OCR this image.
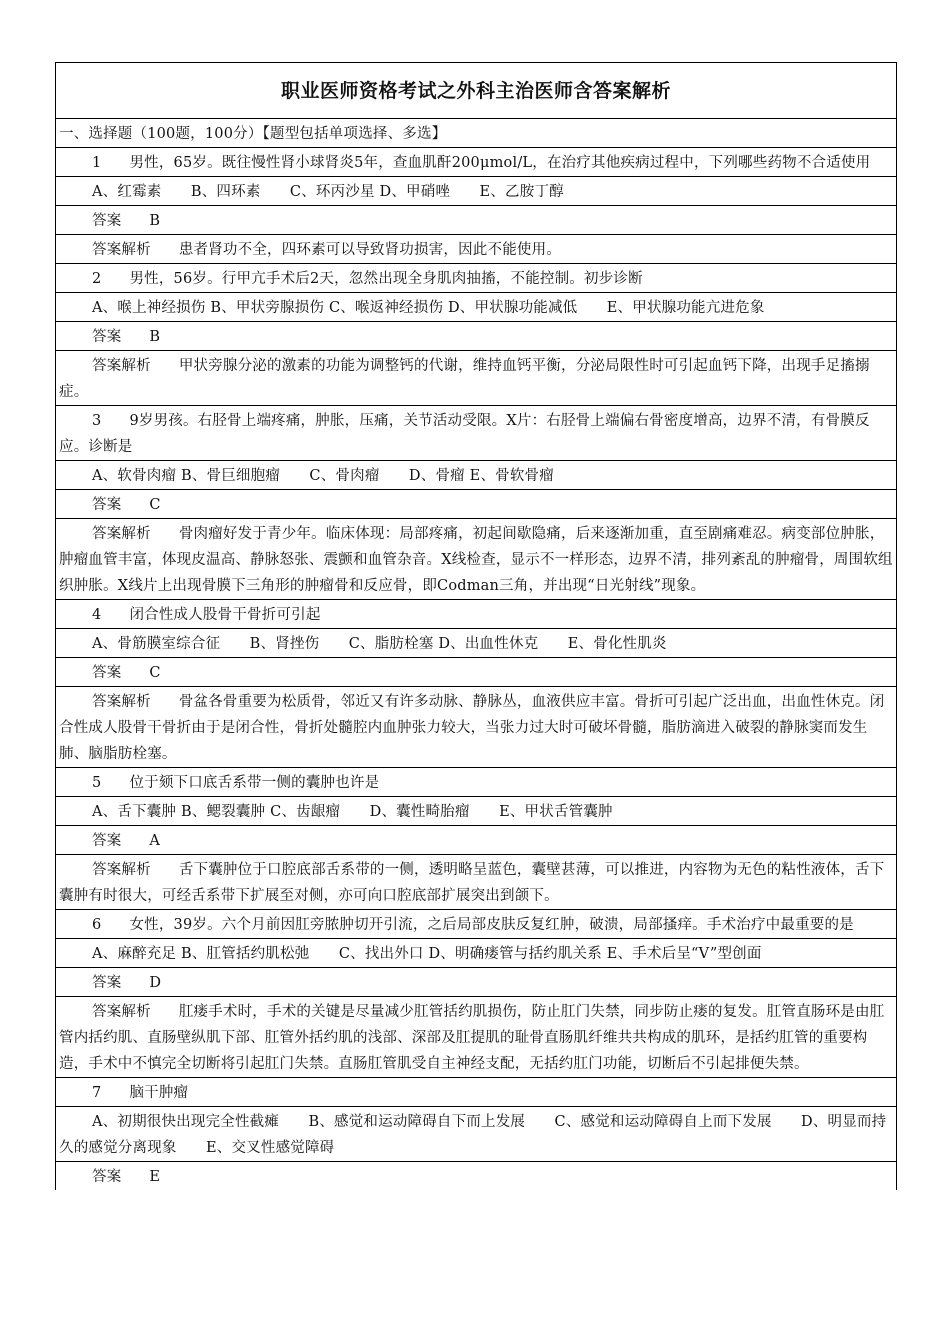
职业医师资格考试之外科主治医师含答案解析
一、选择题（100题，100分）【题型包括单项选择、多选】
1 男性，65岁。既往慢性肾小球肾炎5年，查血肌酐200μmol/L，在治疗其他疾病过程中，下列哪些药物不合适使用
A、红霉素　　B、四环素　　C、环丙沙星 D、甲硝唑　　E、乙胺丁醇
答案 B
答案解析 患者肾功不全，四环素可以导致肾功损害，因此不能使用。
2 男性，56岁。行甲亢手术后2天，忽然出现全身肌肉抽搐，不能控制。初步诊断
A、喉上神经损伤 B、甲状旁腺损伤 C、喉返神经损伤 D、甲状腺功能减低　　E、甲状腺功能亢进危象
答案 B
答案解析 甲状旁腺分泌的激素的功能为调整钙的代谢，维持血钙平衡，分泌局限性时可引起血钙下降，出现手足搐搦症。
3 9岁男孩。右胫骨上端疼痛，肿胀，压痛，关节活动受限。X片：右胫骨上端偏右骨密度增高，边界不清，有骨膜反应。诊断是
A、软骨肉瘤 B、骨巨细胞瘤　　C、骨肉瘤　　D、骨瘤 E、骨软骨瘤
答案 C
答案解析 骨肉瘤好发于青少年。临床体现：局部疼痛，初起间歇隐痛，后来逐渐加重，直至剧痛难忍。病变部位肿胀，肿瘤血管丰富，体现皮温高、静脉怒张、震颤和血管杂音。X线检查，显示不一样形态，边界不清，排列紊乱的肿瘤骨，周围软组织肿胀。X线片上出现骨膜下三角形的肿瘤骨和反应骨，即Codman三角，并出现“日光射线”现象。
4 闭合性成人股骨干骨折可引起
A、骨筋膜室综合征　　B、肾挫伤　　C、脂肪栓塞 D、出血性休克　　E、骨化性肌炎
答案 C
答案解析 骨盆各骨重要为松质骨，邻近又有许多动脉、静脉丛，血液供应丰富。骨折可引起广泛出血，出血性休克。闭合性成人股骨干骨折由于是闭合性，骨折处髓腔内血肿张力较大，当张力过大时可破坏骨髓，脂肪滴进入破裂的静脉窦而发生肺、脑脂肪栓塞。
5 位于颏下口底舌系带一侧的囊肿也许是
A、舌下囊肿 B、鳃裂囊肿 C、齿龈瘤　　D、囊性畸胎瘤　　E、甲状舌管囊肿
答案 A
答案解析 舌下囊肿位于口腔底部舌系带的一侧，透明略呈蓝色，囊壁甚薄，可以推进，内容物为无色的粘性液体，舌下囊肿有时很大，可经舌系带下扩展至对侧，亦可向口腔底部扩展突出到颌下。
6 女性，39岁。六个月前因肛旁脓肿切开引流，之后局部皮肤反复红肿，破溃，局部搔痒。手术治疗中最重要的是
A、麻醉充足 B、肛管括约肌松弛　　C、找出外口 D、明确瘘管与括约肌关系 E、手术后呈“V”型创面
答案 D
答案解析 肛瘘手术时，手术的关键是尽量减少肛管括约肌损伤，防止肛门失禁，同步防止瘘的复发。肛管直肠环是由肛管内括约肌、直肠壁纵肌下部、肛管外括约肌的浅部、深部及肛提肌的耻骨直肠肌纤维共共构成的肌环，是括约肛管的重要构造，手术中不慎完全切断将引起肛门失禁。直肠肛管肌受自主神经支配，无括约肛门功能，切断后不引起排便失禁。
7 脑干肿瘤
A、初期很快出现完全性截瘫　　B、感觉和运动障碍自下而上发展　　C、感觉和运动障碍自上而下发展　　D、明显而持久的感觉分离现象　　E、交叉性感觉障碍
答案 E
